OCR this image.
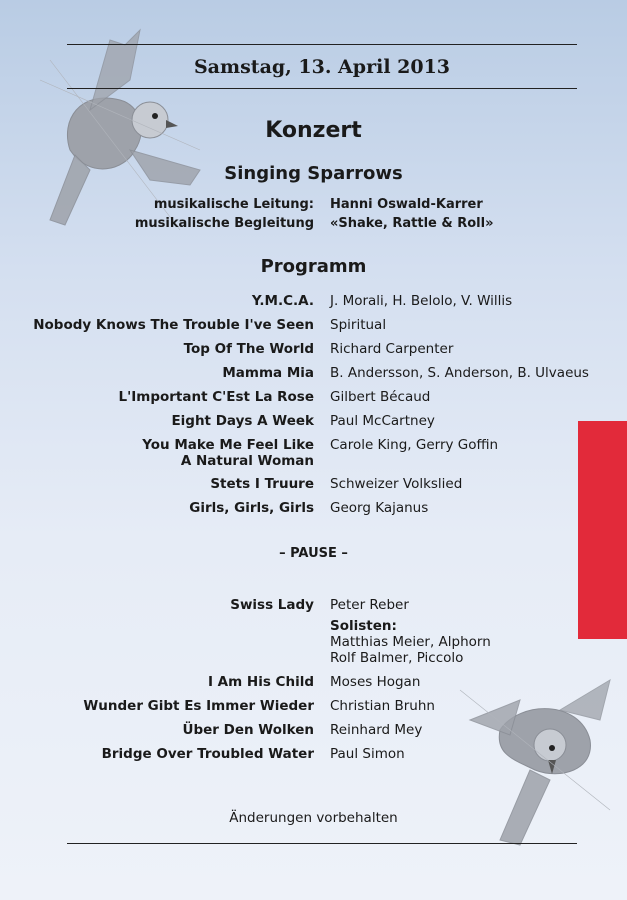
Samstag, 13. April 2013
Konzert
Singing Sparrows
musikalische Leitung: Hanni Oswald-Karrer
musikalische Begleitung «Shake, Rattle & Roll»
Programm
Y.M.C.A. J. Morali, H. Belolo, V. Willis
Nobody Knows The Trouble I've Seen Spiritual
Top Of The World Richard Carpenter
Mamma Mia B. Andersson, S. Anderson, B. Ulvaeus
L'Important C'Est La Rose Gilbert Bécaud
Eight Days A Week Paul McCartney
You Make Me Feel Like
A Natural Woman
Carole King, Gerry Goffin
Stets I Truure Schweizer Volkslied
Girls, Girls, Girls Georg Kajanus
– PAUSE –
Swiss Lady Peter Reber
Solisten:
Matthias Meier, Alphorn
Rolf Balmer, Piccolo
I Am His Child Moses Hogan
Wunder Gibt Es Immer Wieder Christian Bruhn
Über Den Wolken Reinhard Mey
Bridge Over Troubled Water Paul Simon
Änderungen vorbehalten
